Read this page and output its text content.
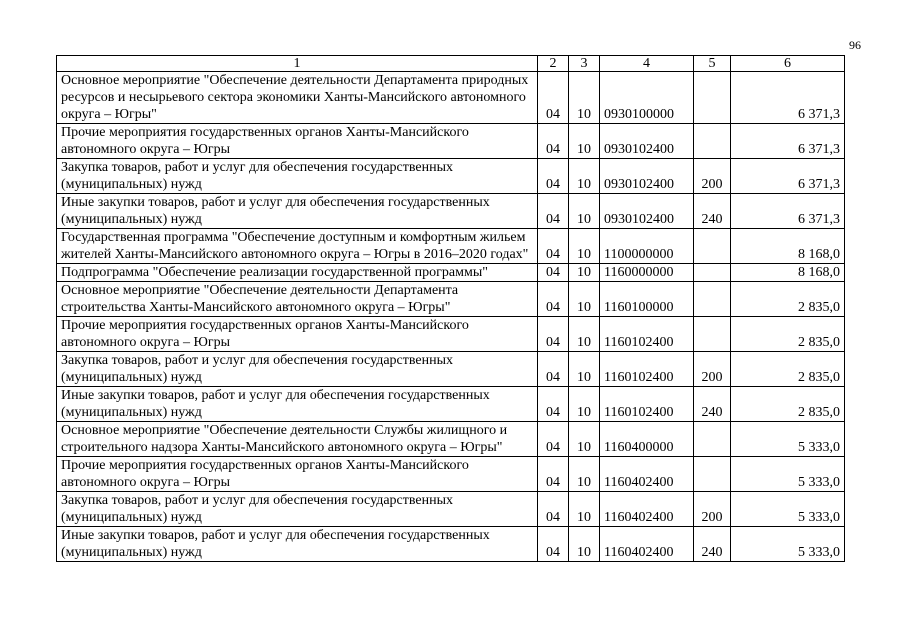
96
1	2	3	4	5	6
Основное мероприятие "Обеспечение деятельности Департамента природных ресурсов и несырьевого сектора экономики Ханты-Мансийского автономного округа – Югры"	04	10	0930100000		6 371,3
Прочие мероприятия государственных органов Ханты-Мансийского автономного округа – Югры	04	10	0930102400		6 371,3
Закупка товаров, работ и услуг для обеспечения государственных (муниципальных) нужд	04	10	0930102400	200	6 371,3
Иные закупки товаров, работ и услуг для обеспечения государственных (муниципальных) нужд	04	10	0930102400	240	6 371,3
Государственная программа "Обеспечение доступным и комфортным жильем жителей Ханты-Мансийского автономного округа – Югры в 2016–2020 годах"	04	10	1100000000		8 168,0
Подпрограмма "Обеспечение реализации государственной программы"	04	10	1160000000		8 168,0
Основное мероприятие "Обеспечение деятельности Департамента строительства Ханты-Мансийского автономного округа – Югры"	04	10	1160100000		2 835,0
Прочие мероприятия государственных органов Ханты-Мансийского автономного округа – Югры	04	10	1160102400		2 835,0
Закупка товаров, работ и услуг для обеспечения государственных (муниципальных) нужд	04	10	1160102400	200	2 835,0
Иные закупки товаров, работ и услуг для обеспечения государственных (муниципальных) нужд	04	10	1160102400	240	2 835,0
Основное мероприятие "Обеспечение деятельности Службы жилищного и строительного надзора Ханты-Мансийского автономного округа – Югры"	04	10	1160400000		5 333,0
Прочие мероприятия государственных органов Ханты-Мансийского автономного округа – Югры	04	10	1160402400		5 333,0
Закупка товаров, работ и услуг для обеспечения государственных (муниципальных) нужд	04	10	1160402400	200	5 333,0
Иные закупки товаров, работ и услуг для обеспечения государственных (муниципальных) нужд	04	10	1160402400	240	5 333,0
